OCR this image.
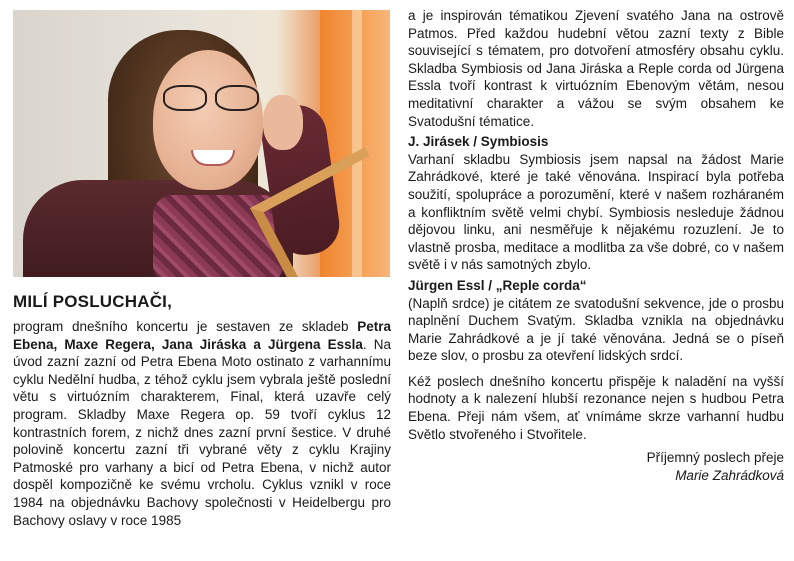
MILÍ POSLUCHAČI,

program dnešního koncertu je sestaven ze skladeb Petra Ebena, Maxe Regera, Jana Jiráska a Jürgena Essla. Na úvod zazní zazní od Petra Ebena Moto ostinato z varhannímu cyklu Nedělní hudba, z téhož cyklu jsem vybrala ještě poslední větu s virtuózním charakterem, Final, která uzavře celý program. Skladby Maxe Regera op. 59 tvoří cyklus 12 kontrastních forem, z nichž dnes zazní první šestice. V druhé polovině koncertu zazní tři vybrané věty z cyklu Krajiny Patmoské pro varhany a bicí od Petra Ebena, v nichž autor dospěl kompozičně ke svému vrcholu. Cyklus vznikl v roce 1984 na objednávku Bachovy společnosti v Heidelbergu pro Bachovy oslavy v roce 1985

a je inspirován tématikou Zjevení svatého Jana na ostrově Patmos. Před každou hudební větou zazní texty z Bible související s tématem, pro dotvoření atmosféry obsahu cyklu. Skladba Symbiosis od Jana Jiráska a Reple corda od Jürgena Essla tvoří kontrast k virtuózním Ebenovým větám, nesou meditativní charakter a vážou se svým obsahem ke Svatodušní tématice.

J. Jirásek / Symbiosis

Varhaní skladbu Symbiosis jsem napsal na žádost Marie Zahrádkové, které je také věnována. Inspirací byla potřeba soužití, spolupráce a porozumění, které v našem rozháraném a konfliktním světě velmi chybí. Symbiosis nesleduje žádnou dějovou linku, ani nesměřuje k nějakému rozuzlení. Je to vlastně prosba, meditace a modlitba za vše dobré, co v našem světě i v nás samotných zbylo.

Jürgen Essl / „Reple corda“

(Naplň srdce) je citátem ze svatodušní sekvence, jde o prosbu naplnění Duchem Svatým. Skladba vznikla na objednávku Marie Zahrádkové a je jí také věnována. Jedná se o píseň beze slov, o prosbu za otevření lidských srdcí.

Kéž poslech dnešního koncertu přispěje k naladění na vyšší hodnoty a k nalezení hlubší rezonance nejen s hudbou Petra Ebena. Přeji nám všem, ať vnímáme skrze varhanní hudbu Světlo stvořeného i Stvořitele.

Příjemný poslech přeje
Marie Zahrádková
